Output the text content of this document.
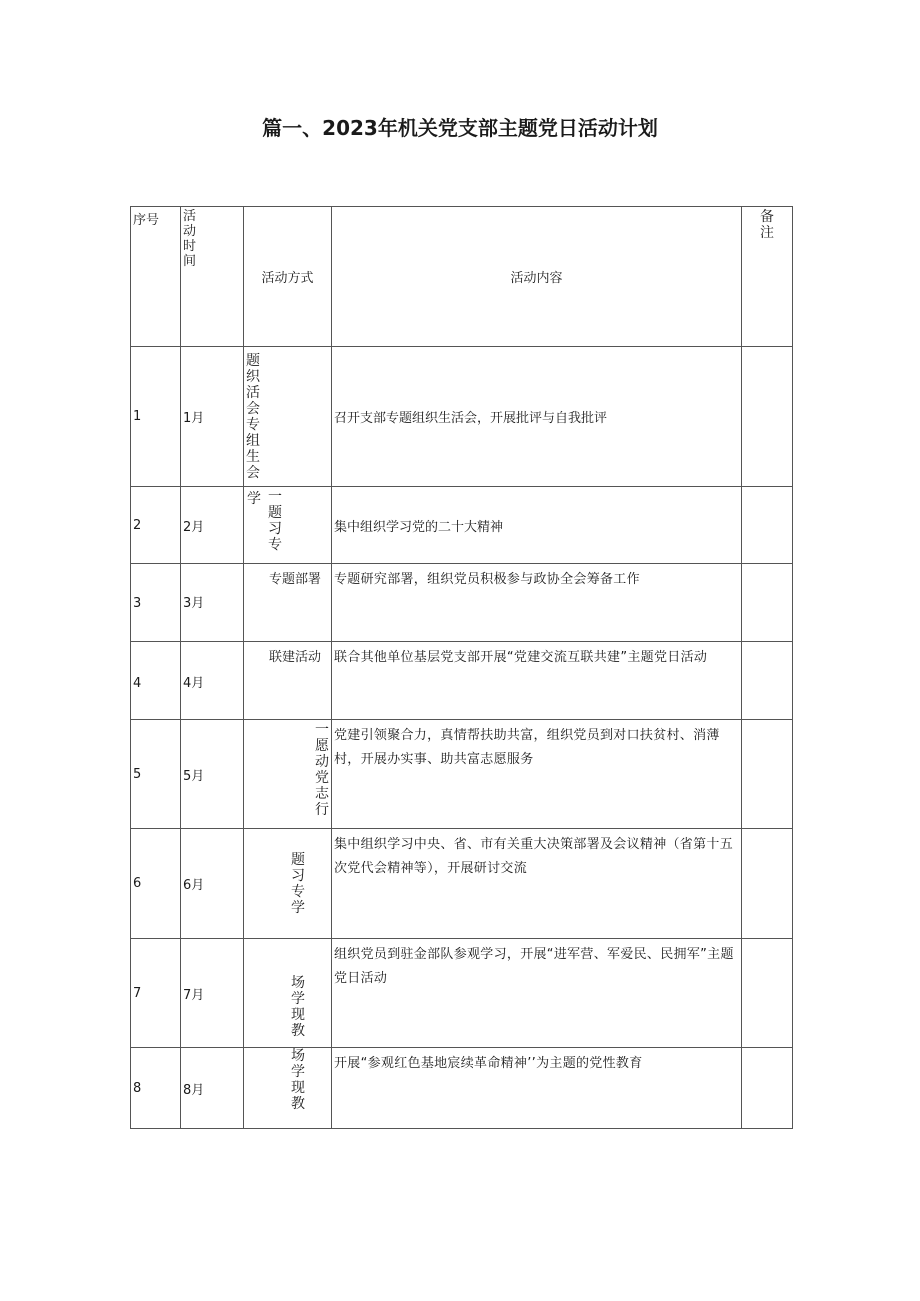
篇一、2023年机关党支部主题党日活动计划
序号	活动时间	活动方式	活动内容	备注
1	1月	题织活会专组生会	召开支部专题组织生活会，开展批评与自我批评	
2	2月	学 一题习专	集中组织学习党的二十大精神	
3	3月	专题部署	专题研究部署，组织党员积极参与政协全会筹备工作	
4	4月	联建活动	联合其他单位基层党支部开展“党建交流互联共建”主题党日活动	
5	5月	一愿动党志行	党建引领聚合力，真情帮扶助共富，组织党员到对口扶贫村、消薄村，开展办实事、助共富志愿服务	
6	6月	题习专学	集中组织学习中央、省、市有关重大决策部署及会议精神（省第十五次党代会精神等），开展研讨交流	
7	7月	场学现教	组织党员到驻金部队参观学习，开展“进军营、军爱民、民拥军”主题党日活动	
8	8月	场学现教	开展“参观红色基地宸续革命精神’’为主题的党性教育	
